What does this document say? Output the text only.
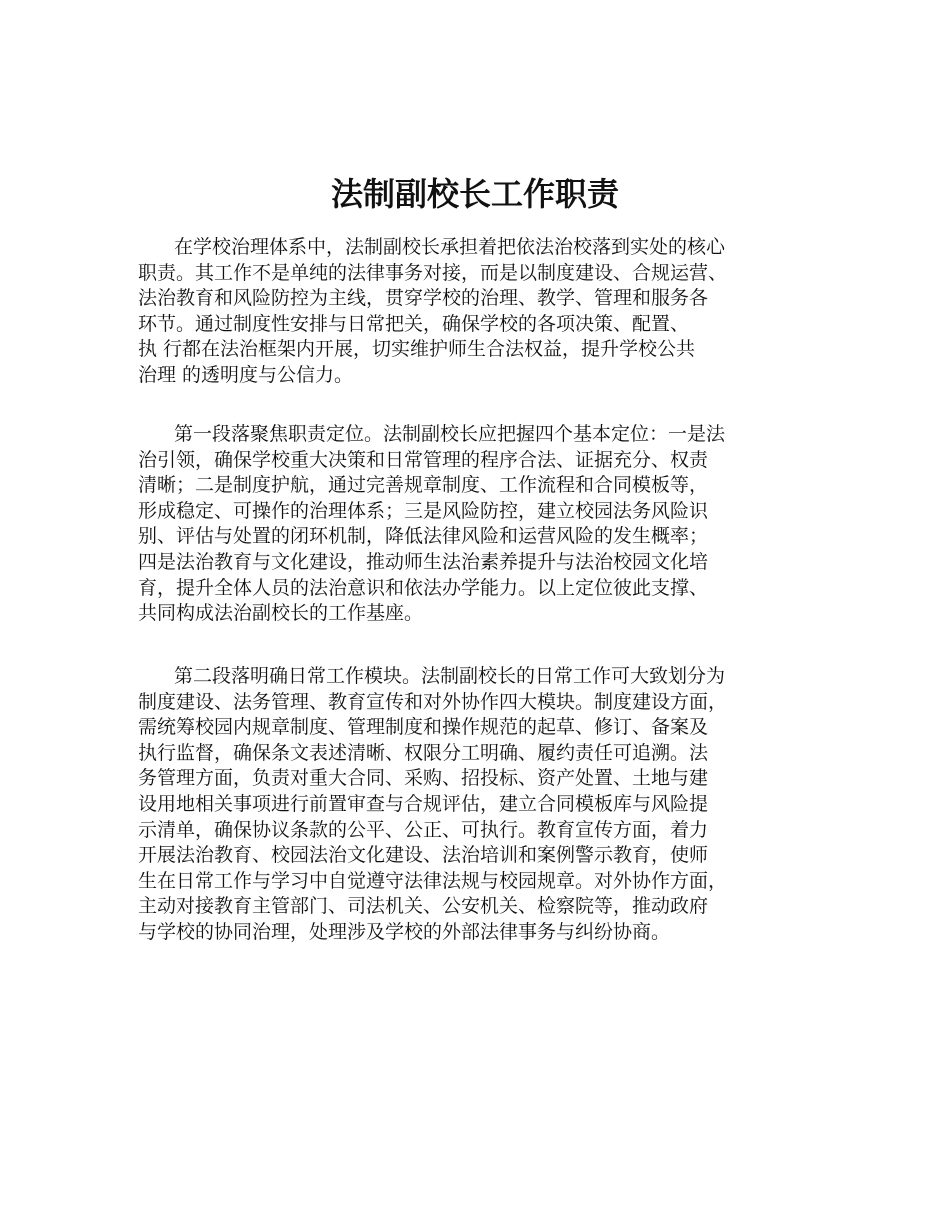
法制副校长工作职责

在学校治理体系中，法制副校长承担着把依法治校落到实处的核心
职责。其工作不是单纯的法律事务对接，而是以制度建设、合规运营、
法治教育和风险防控为主线，贯穿学校的治理、教学、管理和服务各
环节。通过制度性安排与日常把关，确保学校的各项决策、配置、
执 行都在法治框架内开展，切实维护师生合法权益，提升学校公共
治理 的透明度与公信力。

第一段落聚焦职责定位。法制副校长应把握四个基本定位：一是法
治引领，确保学校重大决策和日常管理的程序合法、证据充分、权责
清晰；二是制度护航，通过完善规章制度、工作流程和合同模板等，
形成稳定、可操作的治理体系；三是风险防控，建立校园法务风险识
别、评估与处置的闭环机制，降低法律风险和运营风险的发生概率；
四是法治教育与文化建设，推动师生法治素养提升与法治校园文化培
育，提升全体人员的法治意识和依法办学能力。以上定位彼此支撑、
共同构成法治副校长的工作基座。

第二段落明确日常工作模块。法制副校长的日常工作可大致划分为
制度建设、法务管理、教育宣传和对外协作四大模块。制度建设方面，
需统筹校园内规章制度、管理制度和操作规范的起草、修订、备案及
执行监督，确保条文表述清晰、权限分工明确、履约责任可追溯。法
务管理方面，负责对重大合同、采购、招投标、资产处置、土地与建
设用地相关事项进行前置审查与合规评估，建立合同模板库与风险提
示清单，确保协议条款的公平、公正、可执行。教育宣传方面，着力
开展法治教育、校园法治文化建设、法治培训和案例警示教育，使师
生在日常工作与学习中自觉遵守法律法规与校园规章。对外协作方面，
主动对接教育主管部门、司法机关、公安机关、检察院等，推动政府
与学校的协同治理，处理涉及学校的外部法律事务与纠纷协商。
